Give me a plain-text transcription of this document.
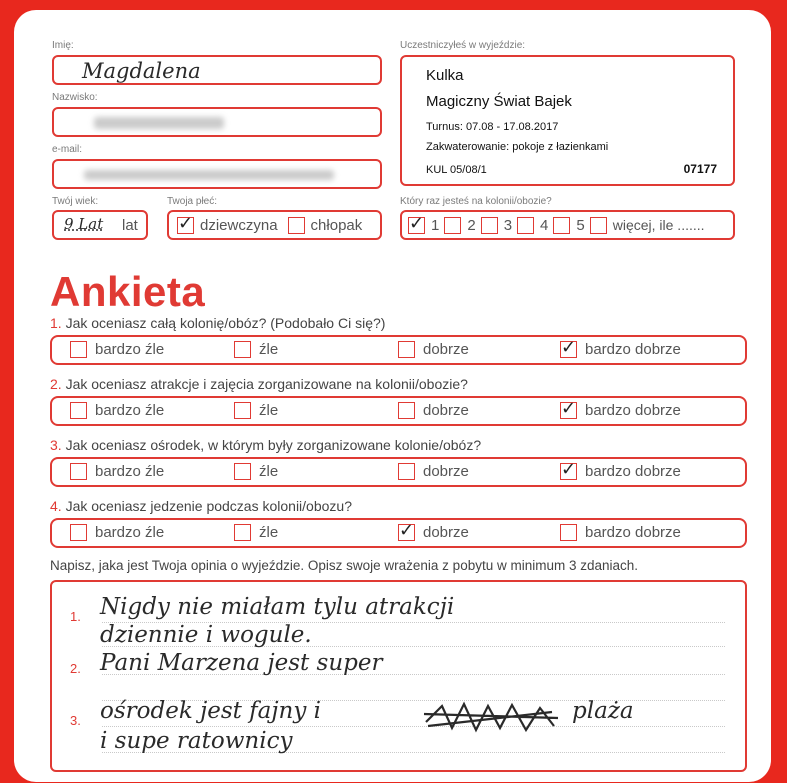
Imię:
Magdalena
Nazwisko:
e-mail:
Twój wiek:
9 Lat lat
Twoja płeć:
✓ dziewczyna chłopak
Uczestniczyłeś w wyjeździe:
Kulka
Magiczny Świat Bajek
Turnus: 07.08 - 17.08.2017
Zakwaterowanie: pokoje z łazienkami
KUL 05/08/1	07177
Który raz jesteś na kolonii/obozie?
✓ 1 2 3 4 5 więcej, ile .......
Ankieta
1. Jak oceniasz całą kolonię/obóz? (Podobało Ci się?)
bardzo źle	źle	dobrze	✓ bardzo dobrze
2. Jak oceniasz atrakcje i zajęcia zorganizowane na kolonii/obozie?
bardzo źle	źle	dobrze	✓ bardzo dobrze
3. Jak oceniasz ośrodek, w którym były zorganizowane kolonie/obóz?
bardzo źle	źle	dobrze	✓ bardzo dobrze
4. Jak oceniasz jedzenie podczas kolonii/obozu?
bardzo źle	źle	✓ dobrze	bardzo dobrze
Napisz, jaka jest Twoja opinia o wyjeździe. Opisz swoje wrażenia z pobytu w minimum 3 zdaniach.
1.
2.
3.
Nigdy nie miałam tylu atrakcji
dziennie i wogule.
Pani Marzena jest super
ośrodek jest fajny i	plaża
i supe ratownicy
